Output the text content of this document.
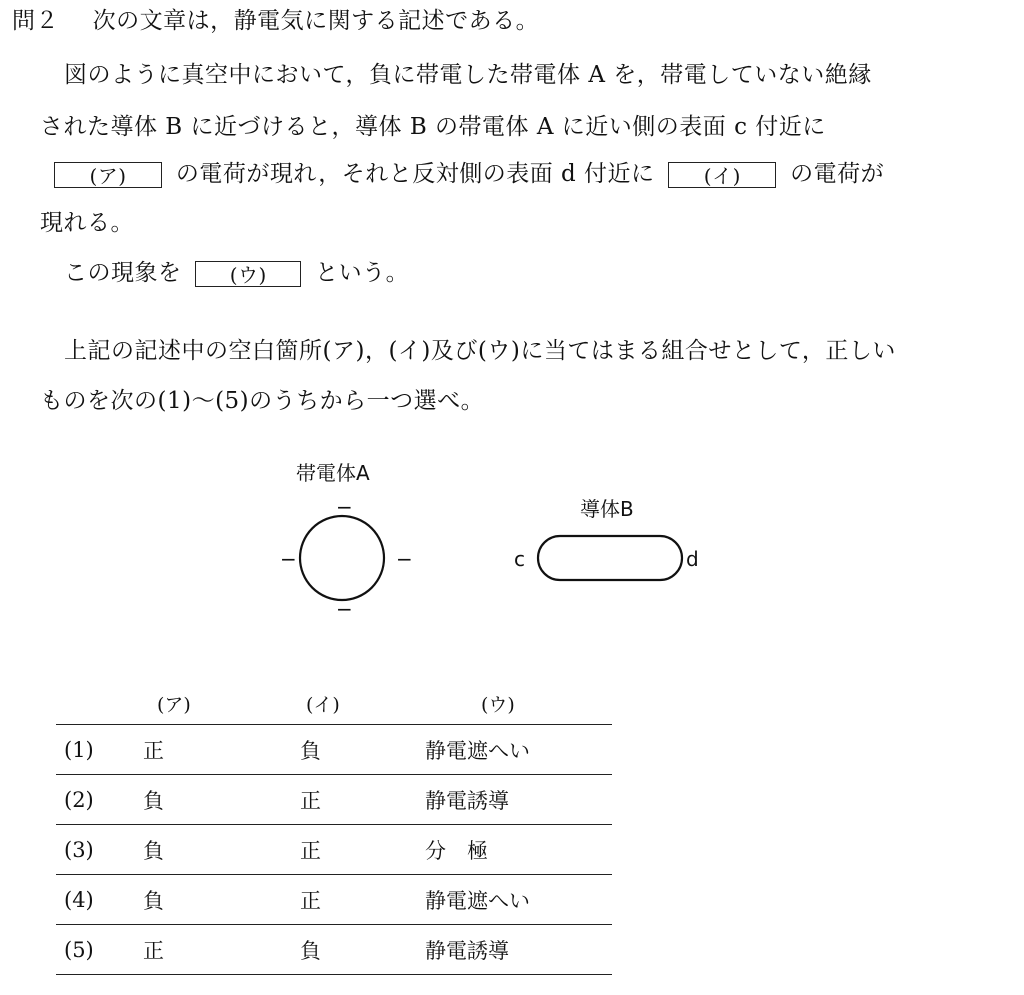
問２ 次の文章は，静電気に関する記述である。
図のように真空中において，負に帯電した帯電体 A を，帯電していない絶縁
された導体 B に近づけると，導体 B の帯電体 A に近い側の表面 c 付近に
(ア) の電荷が現れ，それと反対側の表面 d 付近に (イ) の電荷が
現れる。
この現象を (ウ) という。
上記の記述中の空白箇所(ア)，(イ)及び(ウ)に当てはまる組合せとして，正しい
ものを次の(1)～(5)のうちから一つ選べ。
帯電体A
−
−
−	−
導体B
c	d
	(ア)	(イ)	(ウ)
(1)	正	負	静電遮へい
(2)	負	正	静電誘導
(3)	負	正	分　極
(4)	負	正	静電遮へい
(5)	正	負	静電誘導
